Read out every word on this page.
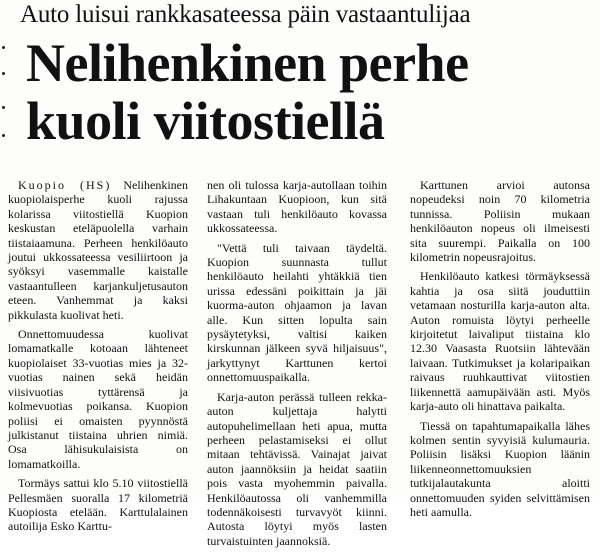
Auto luisui rankkasateessa päin vastaantulijaa
Nelihenkinen perhe
kuoli viitostiellä

Kuopio (HS) Nelihenkinen kuopiolaisperhe kuoli rajussa kolarissa viitostiellä Kuopion keskustan eteläpuolella varhain tiistaiaamuna. Perheen henkilöauto joutui ukkossateessa vesiliirtoon ja syöksyi vasemmalle kaistalle vastaantulleen karjankuljetusauton eteen. Vanhemmat ja kaksi pikkulasta kuolivat heti.

Onnettomuudessa kuolivat lomamatkalle kotoaan lähteneet kuopiolaiset 33-vuotias mies ja 32-vuotias nainen sekä heidän viisivuotias tyttärensä ja kolmevuotias poikansa. Kuopion poliisi ei omaisten pyynnöstä julkistanut tiistaina uhrien nimiä. Osa lähisukulaisista on lomamatkoilla.

Tormäys sattui klo 5.10 viitostiellä Pellesmäen suoralla 17 kilometriä Kuopiosta etelään. Karttulalainen autoilija Esko Karttu-

nen oli tulossa karja-autollaan toihin Lihakuntaan Kuopioon, kun sitä vastaan tuli henkilöauto kovassa ukkossateessa.

"Vettä tuli taivaan täydeltä. Kuopion suunnasta tullut henkilöauto heilahti yhtäkkiä tien urissa edessäni poikittain ja jäi kuorma-auton ohjaamon ja lavan alle. Kun sitten lopulta sain pysäytetyksi, valtisi kaiken kirskunnan jälkeen syvä hiljaisuus", jarkyttynyt Karttunen kertoi onnettomuuspaikalla.

Karja-auton perässä tulleen rekka-auton kuljettaja halytti autopuhelimellaan heti apua, mutta perheen pelastamiseksi ei ollut mitaan tehtävissä. Vainajat jaivat auton jaannöksiin ja heidat saatiin pois vasta myohemmin paivalla. Henkilöautossa oli vanhemmilla todennäkoisesti turvavyöt kiinni. Autosta löytyi myös lasten turvaistuinten jaannoksiä.

Karttunen arvioi autonsa nopeudeksi noin 70 kilometria tunnissa. Poliisin mukaan henkilöauton nopeus oli ilmeisesti sita suurempi. Paikalla on 100 kilometrin nopeusrajoitus.

Henkilöauto katkesi törmäyksessä kahtia ja osa siitä jouduttiin vetamaan nosturilla karja-auton alta. Auton romuista löytyi perheelle kirjoitetut laivaliput tiistaina klo 12.30 Vaasasta Ruotsiin lähtevään laivaan. Tutkimukset ja kolaripaikan raivaus ruuhkauttivat viitostien liikennettä aamupäivään asti. Myös karja-auto oli hinattava paikalta.

Tiessä on tapahtumapaikalla lähes kolmen sentin syvyisiä kulumauria. Poliisin lisäksi Kuopion läänin liikenneonnettomuuksien tutkijalautakunta aloitti onnettomuuden syiden selvittämisen heti aamulla.
